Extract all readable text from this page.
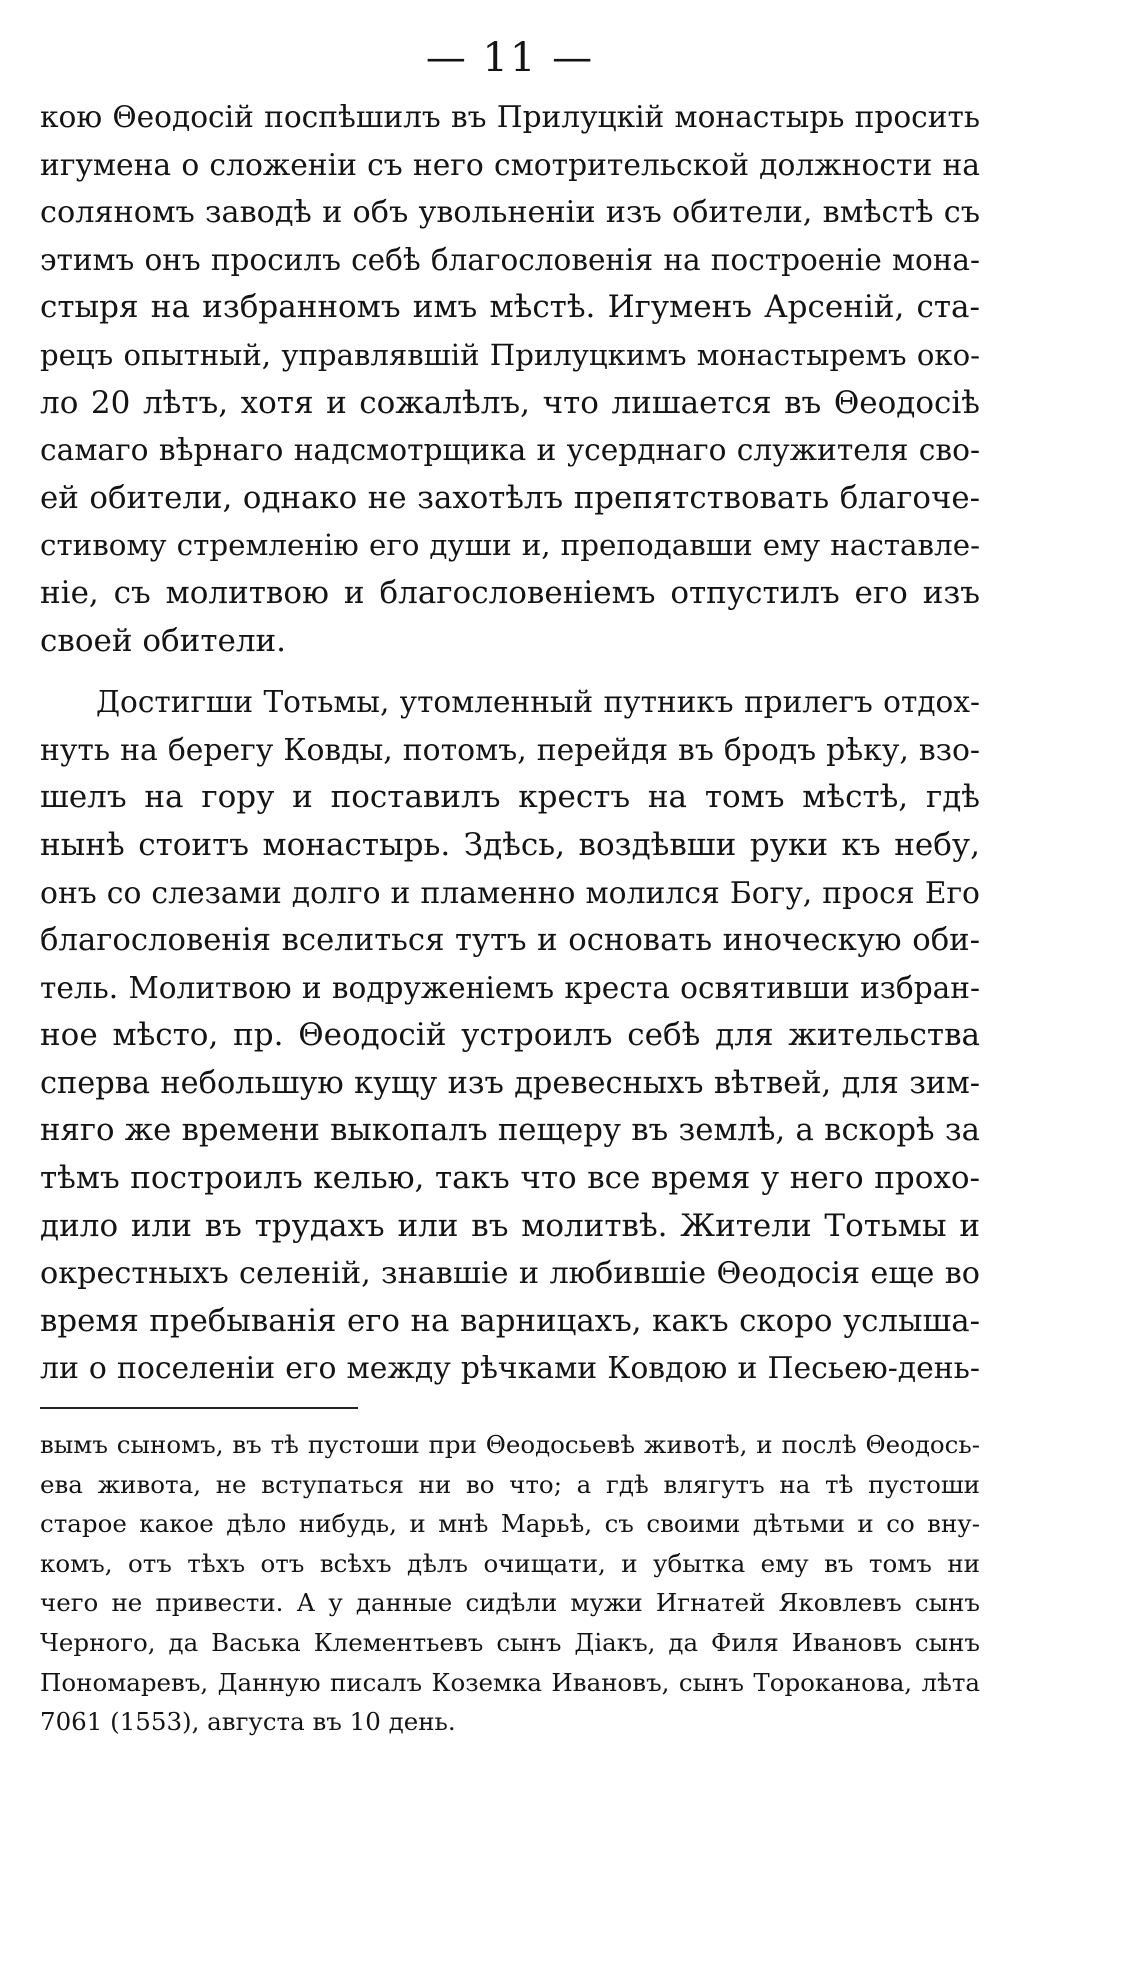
— 11 —
кою Θеодосій поспѣшилъ въ Прилуцкій монастырь просить
игумена о сложеніи съ него смотрительской должности на
соляномъ заводѣ и объ увольненіи изъ обители, вмѣстѣ съ
этимъ онъ просилъ себѣ благословенія на построеніе мона-
стыря на избранномъ имъ мѣстѣ. Игуменъ Арсеній, ста-
рецъ опытный, управлявшій Прилуцкимъ монастыремъ око-
ло 20 лѣтъ, хотя и сожалѣлъ, что лишается въ Θеодосіѣ
самаго вѣрнаго надсмотрщика и усерднаго служителя сво-
ей обители, однако не захотѣлъ препятствовать благоче-
стивому стремленію его души и, преподавши ему наставле-
ніе, съ молитвою и благословеніемъ отпустилъ его изъ
своей обители.
Достигши Тотьмы, утомленный путникъ прилегъ отдох-
нуть на берегу Ковды, потомъ, перейдя въ бродъ рѣку, взо-
шелъ на гору и поставилъ крестъ на томъ мѣстѣ, гдѣ
нынѣ стоитъ монастырь. Здѣсь, воздѣвши руки къ небу,
онъ со слезами долго и пламенно молился Богу, прося Его
благословенія вселиться тутъ и основать иноческую оби-
тель. Молитвою и водруженіемъ креста освятивши избран-
ное мѣсто, пр. Θеодосій устроилъ себѣ для жительства
сперва небольшую кущу изъ древесныхъ вѣтвей, для зим-
няго же времени выкопалъ пещеру въ землѣ, а вскорѣ за
тѣмъ построилъ келью, такъ что все время у него прохо-
дило или въ трудахъ или въ молитвѣ. Жители Тотьмы и
окрестныхъ селеній, знавшіе и любившіе Θеодосія еще во
время пребыванія его на варницахъ, какъ скоро услыша-
ли о поселеніи его между рѣчками Ковдою и Песьею-день-
вымъ сыномъ, въ тѣ пустоши при Θеодосьевѣ животѣ, и послѣ Θеодось-
ева живота, не вступаться ни во что; а гдѣ влягутъ на тѣ пустоши
старое какое дѣло нибудь, и мнѣ Марьѣ, съ своими дѣтьми и со вну-
комъ, отъ тѣхъ отъ всѣхъ дѣлъ очищати, и убытка ему въ томъ ни
чего не привести. А у данные сидѣли мужи Игнатей Яковлевъ сынъ
Черного, да Васька Клементьевъ сынъ Діакъ, да Филя Ивановъ сынъ
Пономаревъ, Данную писалъ Коземка Ивановъ, сынъ Тороканова, лѣта
7061 (1553), августа въ 10 день.
